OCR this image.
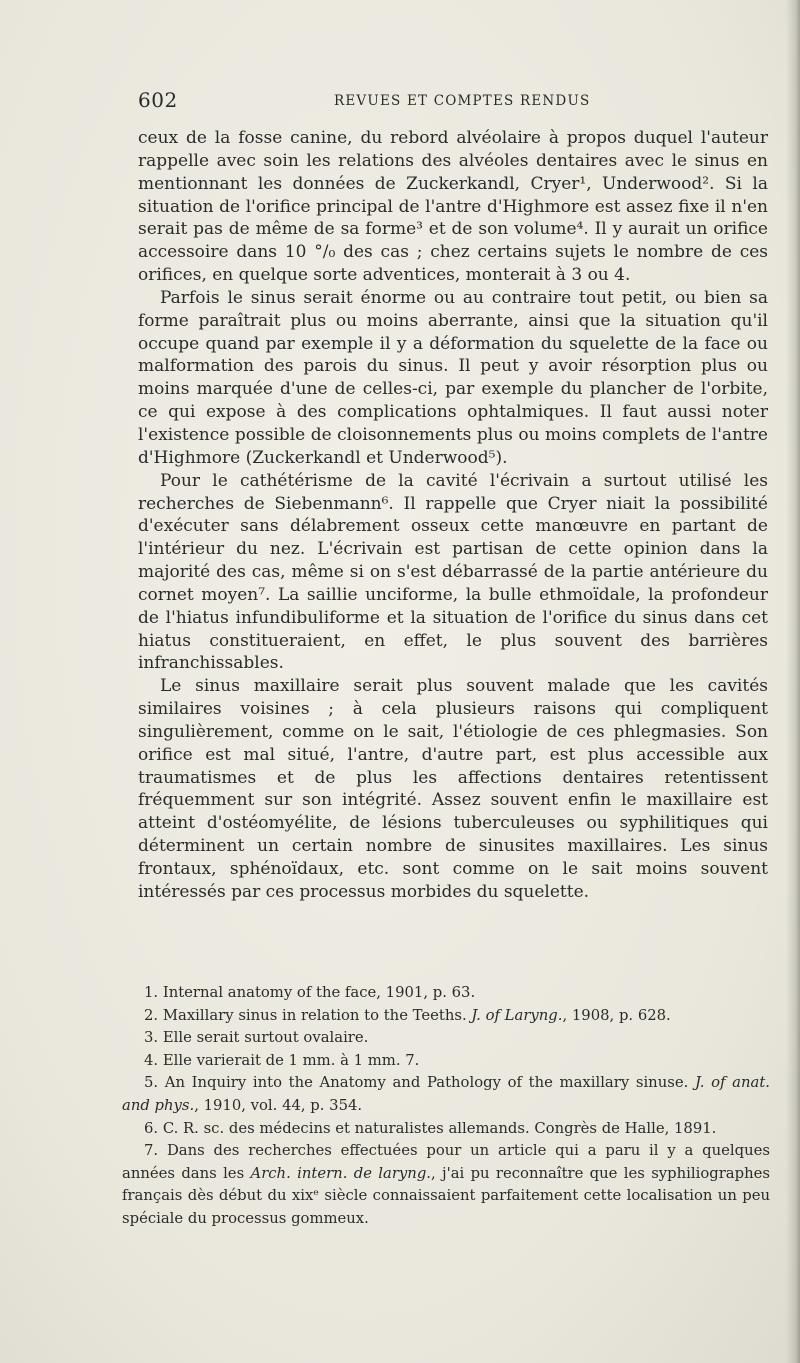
602	REVUES ET COMPTES RENDUS

ceux de la fosse canine, du rebord alvéolaire à propos duquel l'auteur rappelle avec soin les relations des alvéoles dentaires avec le sinus en mentionnant les données de Zuckerkandl, Cryer¹, Underwood². Si la situation de l'orifice principal de l'antre d'Highmore est assez fixe il n'en serait pas de même de sa forme³ et de son volume⁴. Il y aurait un orifice accessoire dans 10 °/₀ des cas ; chez certains sujets le nombre de ces orifices, en quelque sorte adventices, monterait à 3 ou 4.

Parfois le sinus serait énorme ou au contraire tout petit, ou bien sa forme paraîtrait plus ou moins aberrante, ainsi que la situation qu'il occupe quand par exemple il y a déformation du squelette de la face ou malformation des parois du sinus. Il peut y avoir résorption plus ou moins marquée d'une de celles-ci, par exemple du plancher de l'orbite, ce qui expose à des complications ophtalmiques. Il faut aussi noter l'existence possible de cloisonnements plus ou moins complets de l'antre d'Highmore (Zuckerkandl et Underwood⁵).

Pour le cathétérisme de la cavité l'écrivain a surtout utilisé les recherches de Siebenmann⁶. Il rappelle que Cryer niait la possibilité d'exécuter sans délabrement osseux cette manœuvre en partant de l'intérieur du nez. L'écrivain est partisan de cette opinion dans la majorité des cas, même si on s'est débarrassé de la partie antérieure du cornet moyen⁷. La saillie unciforme, la bulle ethmoïdale, la profondeur de l'hiatus infundibuliforme et la situation de l'orifice du sinus dans cet hiatus constitueraient, en effet, le plus souvent des barrières infranchissables.

Le sinus maxillaire serait plus souvent malade que les cavités similaires voisines ; à cela plusieurs raisons qui compliquent singulièrement, comme on le sait, l'étiologie de ces phlegmasies. Son orifice est mal situé, l'antre, d'autre part, est plus accessible aux traumatismes et de plus les affections dentaires retentissent fréquemment sur son intégrité. Assez souvent enfin le maxillaire est atteint d'ostéomyélite, de lésions tuberculeuses ou syphilitiques qui déterminent un certain nombre de sinusites maxillaires. Les sinus frontaux, sphénoïdaux, etc. sont comme on le sait moins souvent intéressés par ces processus morbides du squelette.

1. Internal anatomy of the face, 1901, p. 63.

2. Maxillary sinus in relation to the Teeths. J. of Laryng., 1908, p. 628.

3. Elle serait surtout ovalaire.

4. Elle varierait de 1 mm. à 1 mm. 7.

5. An Inquiry into the Anatomy and Pathology of the maxillary sinuse. J. of anat. and phys., 1910, vol. 44, p. 354.

6. C. R. sc. des médecins et naturalistes allemands. Congrès de Halle, 1891.

7. Dans des recherches effectuées pour un article qui a paru il y a quelques années dans les Arch. intern. de laryng., j'ai pu reconnaître que les syphiliographes français dès début du xixᵉ siècle connaissaient parfaitement cette localisation un peu spéciale du processus gommeux.
